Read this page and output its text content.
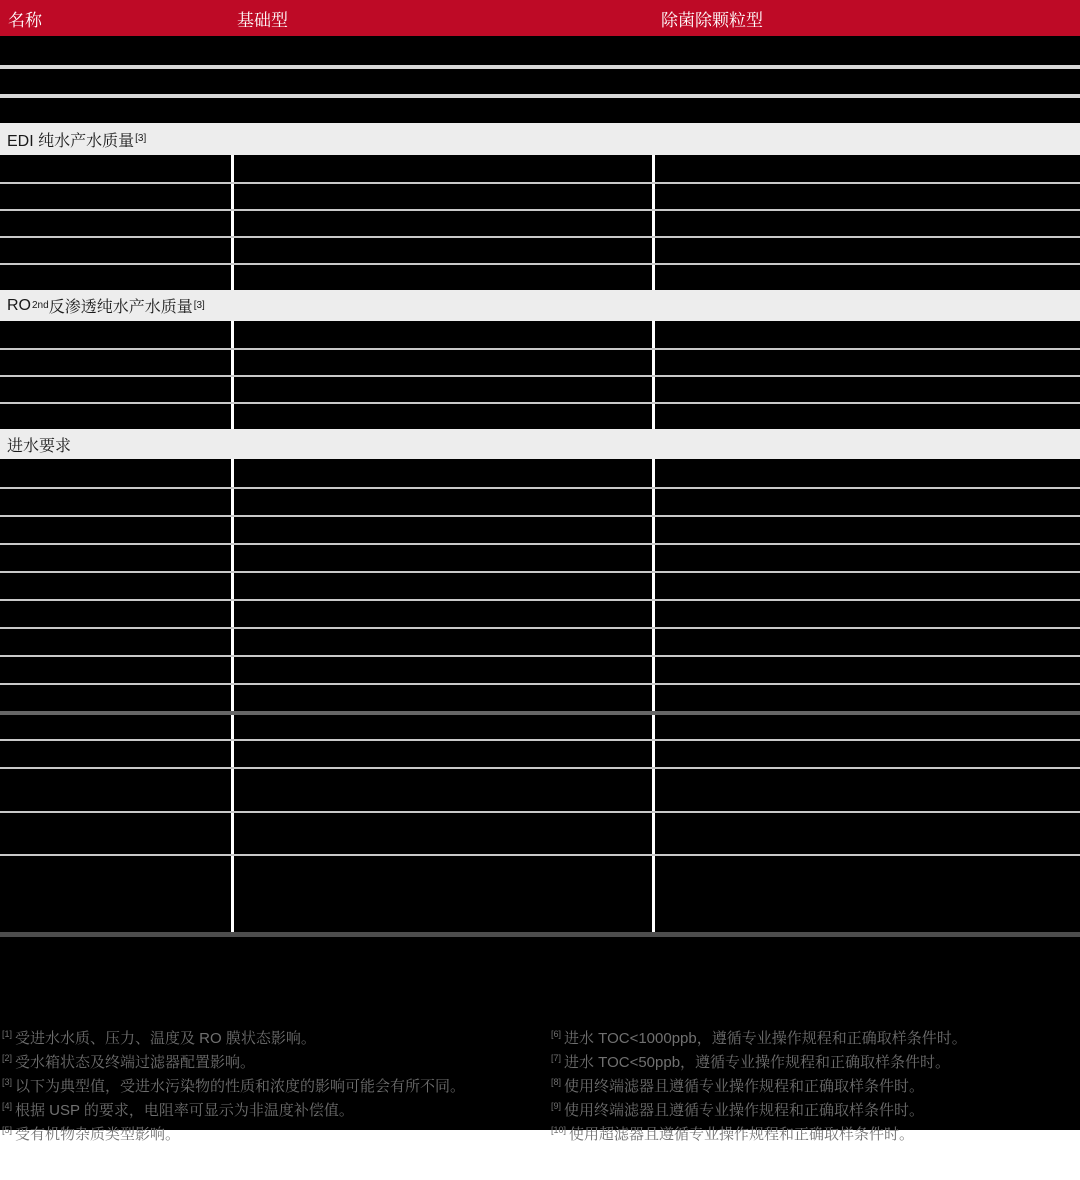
名称	基础型	除菌除颗粒型
EDI 纯水产水质量 [3]
RO 2nd 反渗透纯水产水质量 [3]
进水要求
[1] 受进水水质、压力、温度及 RO 膜状态影响。
[2] 受水箱状态及终端过滤器配置影响。
[3] 以下为典型值，受进水污染物的性质和浓度的影响可能会有所不同。
[4] 根据 USP 的要求，电阻率可显示为非温度补偿值。
[5] 受有机物杂质类型影响。
[6] 进水 TOC<1000ppb，遵循专业操作规程和正确取样条件时。
[7] 进水 TOC<50ppb，遵循专业操作规程和正确取样条件时。
[8] 使用终端滤器且遵循专业操作规程和正确取样条件时。
[9] 使用终端滤器且遵循专业操作规程和正确取样条件时。
[10] 使用超滤器且遵循专业操作规程和正确取样条件时。
